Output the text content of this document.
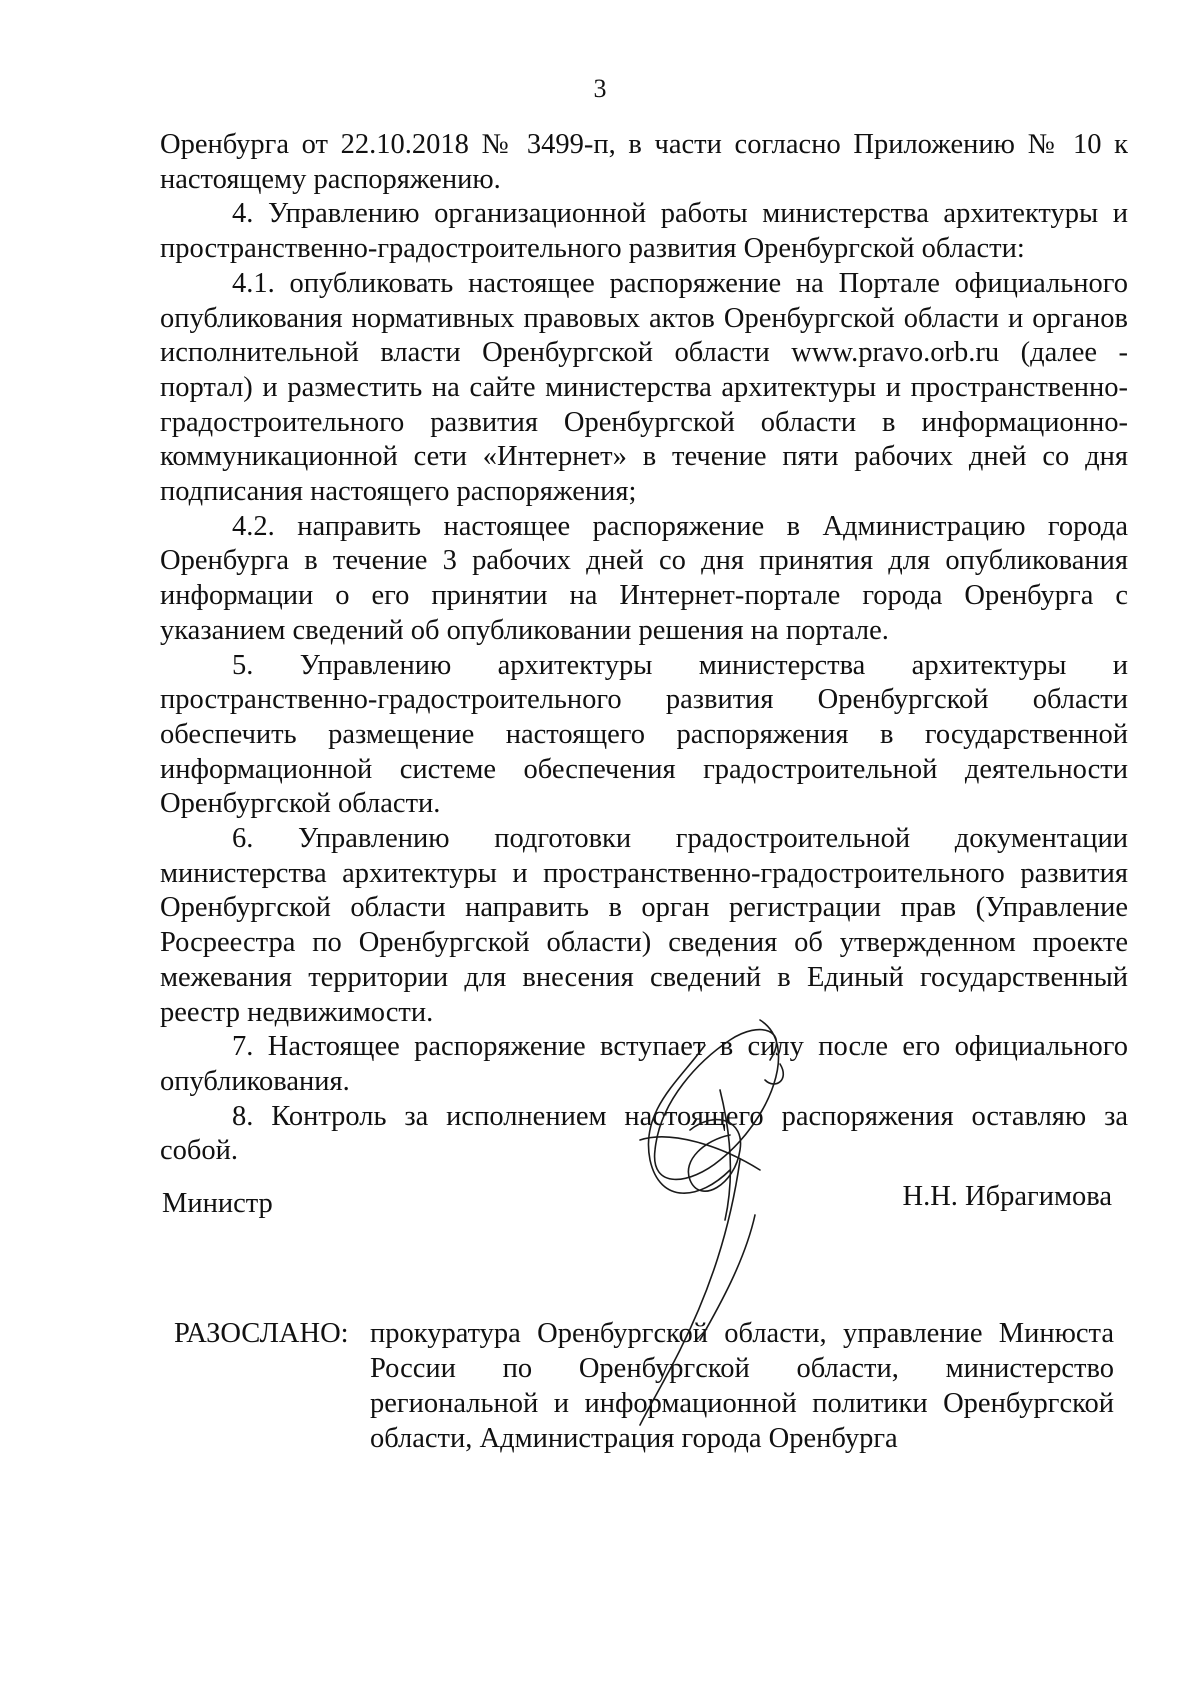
3

Оренбурга от 22.10.2018 № 3499-п, в части согласно Приложению № 10 к настоящему распоряжению.

4. Управлению организационной работы министерства архитектуры и пространственно-градостроительного развития Оренбургской области:

4.1. опубликовать настоящее распоряжение на Портале официального опубликования нормативных правовых актов Оренбургской области и органов исполнительной власти Оренбургской области www.pravo.orb.ru (далее - портал) и разместить на сайте министерства архитектуры и пространственно-градостроительного развития Оренбургской области в информационно-коммуникационной сети «Интернет» в течение пяти рабочих дней со дня подписания настоящего распоряжения;

4.2. направить настоящее распоряжение в Администрацию города Оренбурга в течение 3 рабочих дней со дня принятия для опубликования информации о его принятии на Интернет-портале города Оренбурга с указанием сведений об опубликовании решения на портале.

5. Управлению архитектуры министерства архитектуры и пространственно-градостроительного развития Оренбургской области обеспечить размещение настоящего распоряжения в государственной информационной системе обеспечения градостроительной деятельности Оренбургской области.

6. Управлению подготовки градостроительной документации министерства архитектуры и пространственно-градостроительного развития Оренбургской области направить в орган регистрации прав (Управление Росреестра по Оренбургской области) сведения об утвержденном проекте межевания территории для внесения сведений в Единый государственный реестр недвижимости.

7. Настоящее распоряжение вступает в силу после его официального опубликования.

8. Контроль за исполнением настоящего распоряжения оставляю за собой.

Министр	Н.Н. Ибрагимова
РАЗОСЛАНО: прокуратура Оренбургской области, управление Минюста России по Оренбургской области, министерство региональной и информационной политики Оренбургской области, Администрация города Оренбурга
